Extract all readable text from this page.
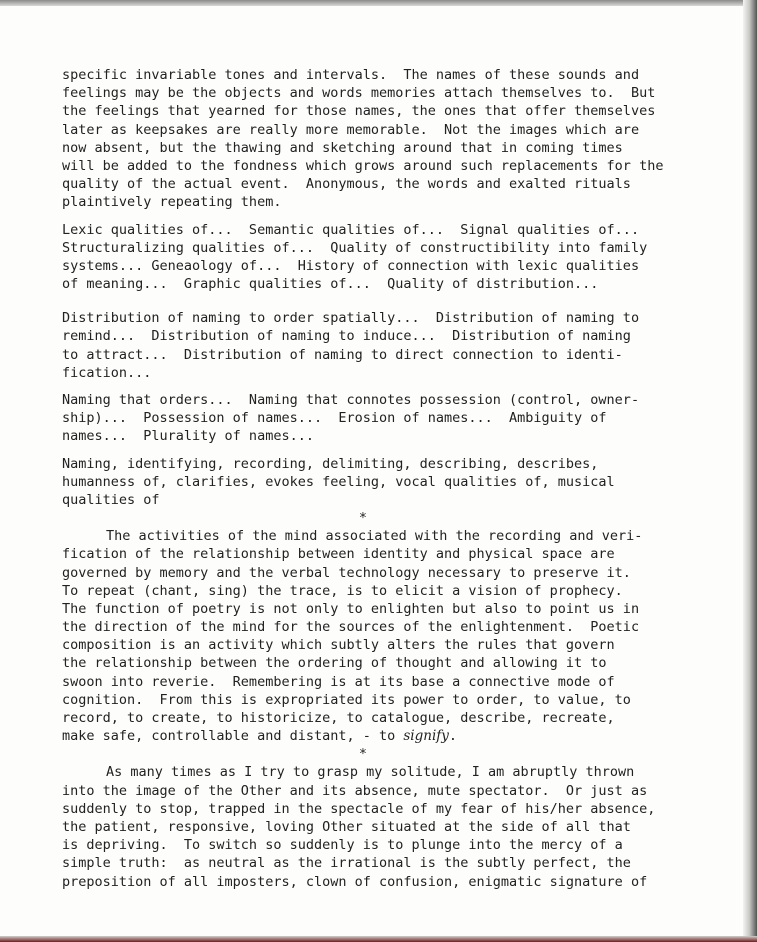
specific invariable tones and intervals.  The names of these sounds and
feelings may be the objects and words memories attach themselves to.  But
the feelings that yearned for those names, the ones that offer themselves
later as keepsakes are really more memorable.  Not the images which are
now absent, but the thawing and sketching around that in coming times
will be added to the fondness which grows around such replacements for the
quality of the actual event.  Anonymous, the words and exalted rituals
plaintively repeating them.
Lexic qualities of...  Semantic qualities of...  Signal qualities of...
Structuralizing qualities of...  Quality of constructibility into family
systems... Geneaology of...  History of connection with lexic qualities
of meaning...  Graphic qualities of...  Quality of distribution...
Distribution of naming to order spatially...  Distribution of naming to
remind...  Distribution of naming to induce...  Distribution of naming
to attract...  Distribution of naming to direct connection to identi-
fication...
Naming that orders...  Naming that connotes possession (control, owner-
ship)...  Possession of names...  Erosion of names...  Ambiguity of
names...  Plurality of names...
Naming, identifying, recording, delimiting, describing, describes,
humanness of, clarifies, evokes feeling, vocal qualities of, musical
qualities of
*
The activities of the mind associated with the recording and veri-
fication of the relationship between identity and physical space are
governed by memory and the verbal technology necessary to preserve it.
To repeat (chant, sing) the trace, is to elicit a vision of prophecy.
The function of poetry is not only to enlighten but also to point us in
the direction of the mind for the sources of the enlightenment.  Poetic
composition is an activity which subtly alters the rules that govern
the relationship between the ordering of thought and allowing it to
swoon into reverie.  Remembering is at its base a connective mode of
cognition.  From this is expropriated its power to order, to value, to
record, to create, to historicize, to catalogue, describe, recreate,
make safe, controllable and distant, - to signify.
*
As many times as I try to grasp my solitude, I am abruptly thrown
into the image of the Other and its absence, mute spectator.  Or just as
suddenly to stop, trapped in the spectacle of my fear of his/her absence,
the patient, responsive, loving Other situated at the side of all that
is depriving.  To switch so suddenly is to plunge into the mercy of a
simple truth:  as neutral as the irrational is the subtly perfect, the
preposition of all imposters, clown of confusion, enigmatic signature of
